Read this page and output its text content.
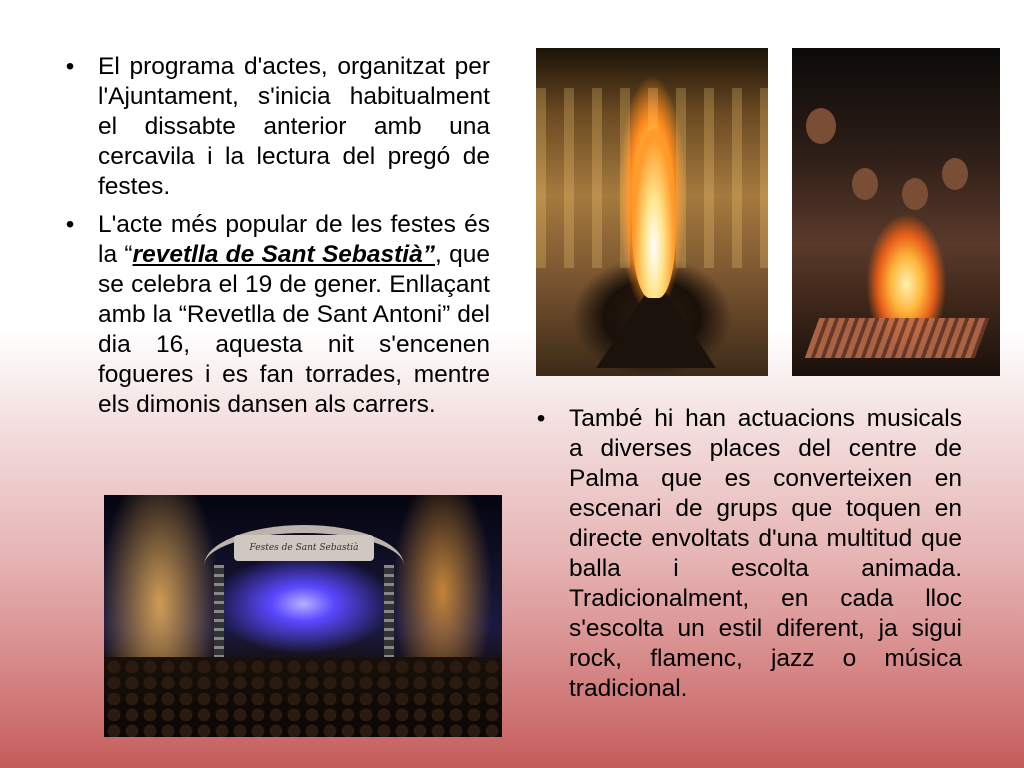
• El programa d'actes, organitzat per l'Ajuntament, s'inicia habitualment el dissabte anterior amb una cercavila i la lectura del pregó de festes.
• L'acte més popular de les festes és la “revetlla de Sant Sebastià”, que se celebra el 19 de gener. Enllaçant amb la “Revetlla de Sant Antoni” del dia 16, aquesta nit s'encenen fogueres i es fan torrades, mentre els dimonis dansen als carrers.
Festes de Sant Sebastià
• També hi han actuacions musicals a diverses places del centre de Palma que es converteixen en escenari de grups que toquen en directe envoltats d'una multitud que balla i escolta animada. Tradicionalment, en cada lloc s'escolta un estil diferent, ja sigui rock, flamenc, jazz o música tradicional.
